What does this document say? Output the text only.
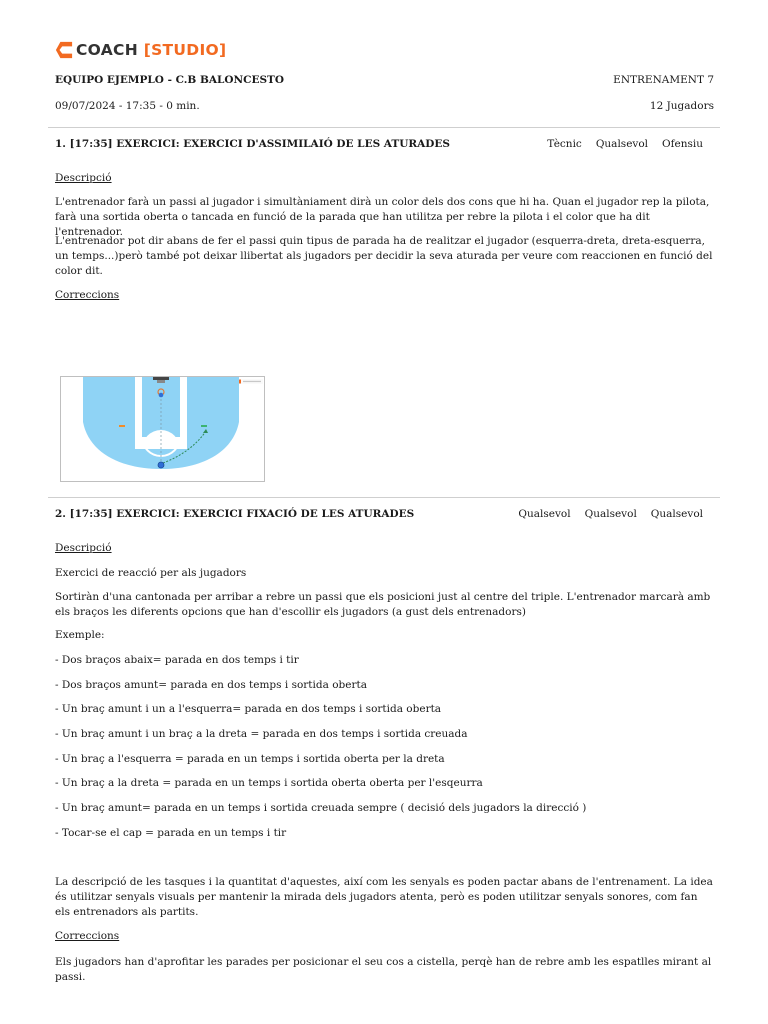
COACH [STUDIO]
EQUIPO EJEMPLO - C.B BALONCESTO	ENTRENAMENT 7
09/07/2024 - 17:35 - 0 min.	12 Jugadors
1. [17:35] EXERCICI: EXERCICI D'ASSIMILAIÓ DE LES ATURADES	Tècnic Qualsevol Ofensiu
Descripció

L'entrenador farà un passi al jugador i simultàniament dirà un color dels dos cons que hi ha. Quan el jugador rep la pilota, farà una sortida oberta o tancada en funció de la parada que han utilitza per rebre la pilota i el color que ha dit l'entrenador.

L'entrenador pot dir abans de fer el passi quin tipus de parada ha de realitzar el jugador (esquerra-dreta, dreta-esquerra, un temps...)però també pot deixar llibertat als jugadors per decidir la seva aturada per veure com reaccionen en funció del color dit.

Correccions
2. [17:35] EXERCICI: EXERCICI FIXACIÓ DE LES ATURADES	Qualsevol Qualsevol Qualsevol
Descripció

Exercici de reacció per als jugadors

Sortiràn d'una cantonada per arribar a rebre un passi que els posicioni just al centre del triple. L'entrenador marcarà amb els braços les diferents opcions que han d'escollir els jugadors (a gust dels entrenadors)

Exemple:

- Dos braços abaix= parada en dos temps i tir

- Dos braços amunt= parada en dos temps i sortida oberta

- Un braç amunt i un a l'esquerra= parada en dos temps i sortida oberta

- Un braç amunt i un braç a la dreta = parada en dos temps i sortida creuada

- Un braç a l'esquerra = parada en un temps i sortida oberta per la dreta

- Un braç a la dreta = parada en un temps i sortida oberta oberta per l'esqeurra

- Un braç amunt= parada en un temps i sortida creuada sempre ( decisió dels jugadors la direcció )

- Tocar-se el cap = parada en un temps i tir

La descripció de les tasques i la quantitat d'aquestes, així com les senyals es poden pactar abans de l'entrenament. La idea és utilitzar senyals visuals per mantenir la mirada dels jugadors atenta, però es poden utilitzar senyals sonores, com fan els entrenadors als partits.

Correccions

Els jugadors han d'aprofitar les parades per posicionar el seu cos a cistella, perqè han de rebre amb les espatlles mirant al passi.
